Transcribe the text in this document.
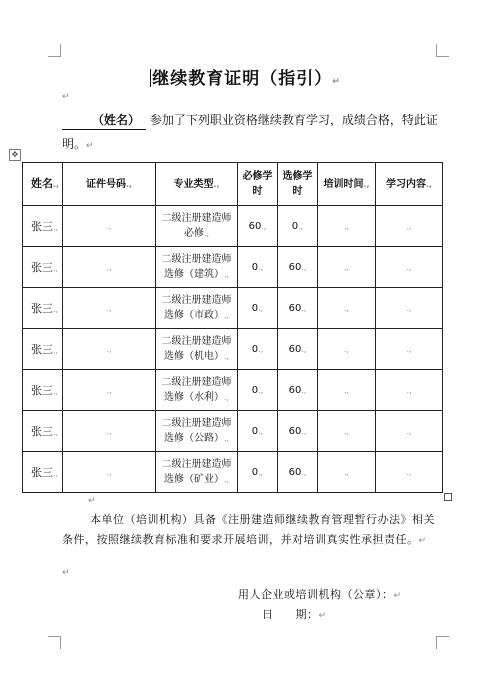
继续教育证明（指引）↵
↵
（姓名） 参加了下列职业资格继续教育学习，成绩合格，特此证明。↵
✥
姓名.,	证件号码.,	专业类型.,	必修学时	选修学时	培训时间.,	学习内容.,
张三.,	.,	二级注册建造师必修.,	60.,	0.,	.,	.,
张三.,	.,	二级注册建造师选修（建筑）.,	0.,	60.,	.,	.,
张三.,	.,	二级注册建造师选修（市政）.,	0.,	60.,	.,	.,
张三.,	.,	二级注册建造师选修（机电）.,	0.,	60.,	.,	.,
张三.,	.,	二级注册建造师选修（水利）.,	0.,	60.,	.,	.,
张三.,	.,	二级注册建造师选修（公路）.,	0.,	60.,	.,	.,
张三.,	.,	二级注册建造师选修（矿业）.,	0.,	60.,	.,	.,
↵
本单位（培训机构）具备《注册建造师继续教育管理暂行办法》相关条件，按照继续教育标准和要求开展培训，并对培训真实性承担责任。↵
↵
用人企业或培训机构（公章）：↵
日 期：↵
